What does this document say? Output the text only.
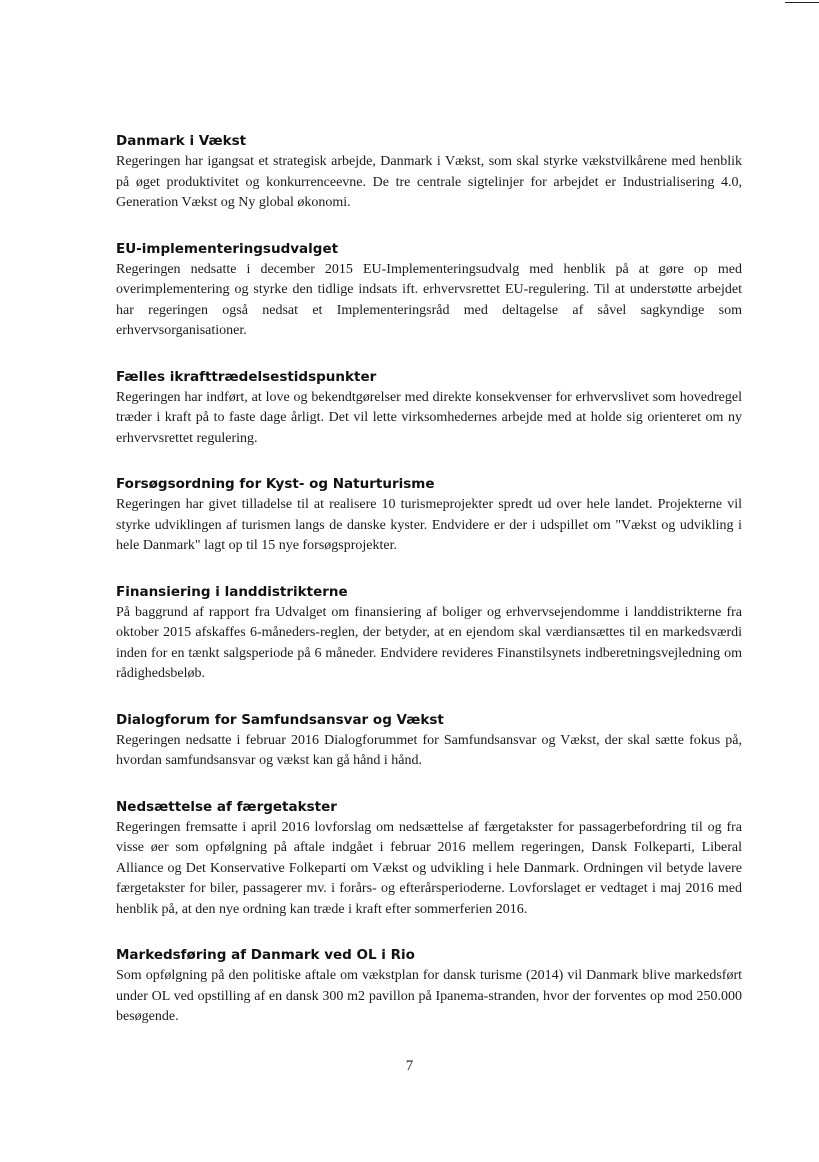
Danmark i Vækst

Regeringen har igangsat et strategisk arbejde, Danmark i Vækst, som skal styrke vækstvilkårene med henblik på øget produktivitet og konkurrenceevne. De tre centrale sigtelinjer for arbejdet er Industrialisering 4.0, Generation Vækst og Ny global økonomi.

EU-implementeringsudvalget

Regeringen nedsatte i december 2015 EU-Implementeringsudvalg med henblik på at gøre op med overimplementering og styrke den tidlige indsats ift. erhvervsrettet EU-regulering. Til at understøtte arbejdet har regeringen også nedsat et Implementeringsråd med deltagelse af såvel sagkyndige som erhvervsorganisationer.

Fælles ikrafttrædelsestidspunkter

Regeringen har indført, at love og bekendtgørelser med direkte konsekvenser for erhvervslivet som hovedregel træder i kraft på to faste dage årligt. Det vil lette virksomhedernes arbejde med at holde sig orienteret om ny erhvervsrettet regulering.

Forsøgsordning for Kyst- og Naturturisme

Regeringen har givet tilladelse til at realisere 10 turismeprojekter spredt ud over hele landet. Projekterne vil styrke udviklingen af turismen langs de danske kyster. Endvidere er der i udspillet om "Vækst og udvikling i hele Danmark" lagt op til 15 nye forsøgsprojekter.

Finansiering i landdistrikterne

På baggrund af rapport fra Udvalget om finansiering af boliger og erhvervsejendomme i landdistrikterne fra oktober 2015 afskaffes 6-måneders-reglen, der betyder, at en ejendom skal værdiansættes til en markedsværdi inden for en tænkt salgsperiode på 6 måneder. Endvidere revideres Finanstilsynets indberetningsvejledning om rådighedsbeløb.

Dialogforum for Samfundsansvar og Vækst

Regeringen nedsatte i februar 2016 Dialogforummet for Samfundsansvar og Vækst, der skal sætte fokus på, hvordan samfundsansvar og vækst kan gå hånd i hånd.

Nedsættelse af færgetakster

Regeringen fremsatte i april 2016 lovforslag om nedsættelse af færgetakster for passagerbefordring til og fra visse øer som opfølgning på aftale indgået i februar 2016 mellem regeringen, Dansk Folkeparti, Liberal Alliance og Det Konservative Folkeparti om Vækst og udvikling i hele Danmark. Ordningen vil betyde lavere færgetakster for biler, passagerer mv. i forårs- og efterårsperioderne. Lovforslaget er vedtaget i maj 2016 med henblik på, at den nye ordning kan træde i kraft efter sommerferien 2016.

Markedsføring af Danmark ved OL i Rio

Som opfølgning på den politiske aftale om vækstplan for dansk turisme (2014) vil Danmark blive markedsført under OL ved opstilling af en dansk 300 m2 pavillon på Ipanema-stranden, hvor der forventes op mod 250.000 besøgende.

7
